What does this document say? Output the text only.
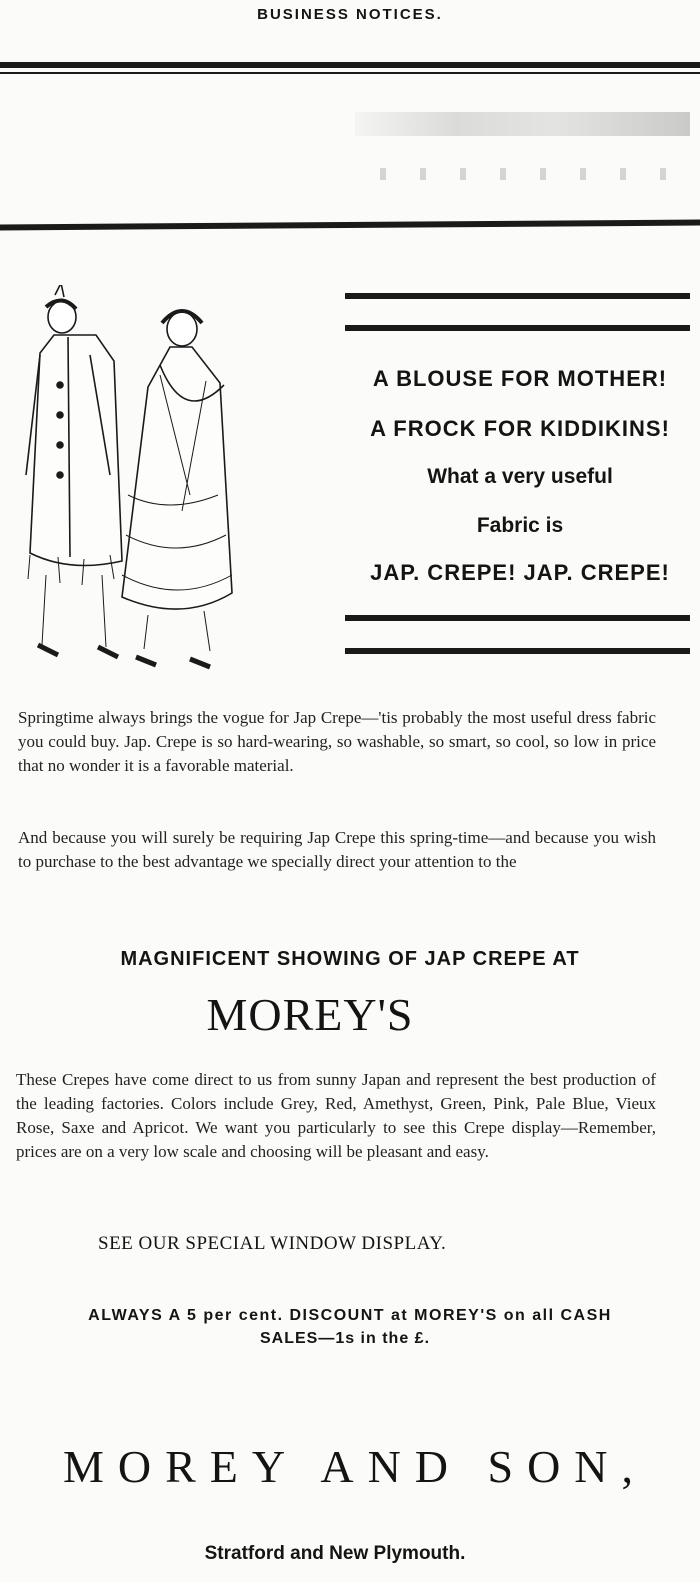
BUSINESS NOTICES.
A BLOUSE FOR MOTHER!
A FROCK FOR KIDDIKINS!
What a very useful
Fabric is
JAP. CREPE! JAP. CREPE!
Springtime always brings the vogue for Jap Crepe—'tis probably the most useful dress fabric you could buy. Jap. Crepe is so hard-wearing, so washable, so smart, so cool, so low in price that no wonder it is a favorable material.
And because you will surely be requiring Jap Crepe this spring-time—and because you wish to purchase to the best advantage we specially direct your attention to the
MAGNIFICENT SHOWING OF JAP CREPE AT
MOREY'S
These Crepes have come direct to us from sunny Japan and represent the best production of the leading factories. Colors include Grey, Red, Amethyst, Green, Pink, Pale Blue, Vieux Rose, Saxe and Apricot. We want you particularly to see this Crepe display—Remember, prices are on a very low scale and choosing will be pleasant and easy.
SEE OUR SPECIAL WINDOW DISPLAY.
ALWAYS A 5 per cent. DISCOUNT at MOREY'S on all CASH
SALES—1s in the £.
MOREY AND SON,
Stratford and New Plymouth.
